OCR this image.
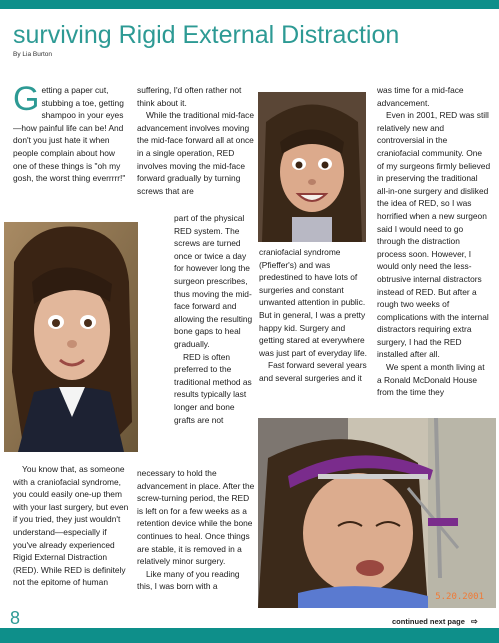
surviving Rigid External Distraction
By Lia Burton
G etting a paper cut, stubbing a toe, getting shampoo in your eyes—how painful life can be! And don't you just hate it when people complain about how one of these things is "oh my gosh, the worst thing everrrrr!"

You know that, as someone with a craniofacial syndrome, you could easily one-up them with your last surgery, but even if you tried, they just wouldn't understand—especially if you've already experienced Rigid External Distraction (RED). While RED is definitely not the epitome of human

suffering, I'd often rather not think about it.

While the traditional mid-face advancement involves moving the mid-face forward all at once in a single operation, RED involves moving the mid-face forward gradually by turning screws that are

part of the physical RED system. The screws are turned once or twice a day for however long the surgeon prescribes, thus moving the mid-face forward and allowing the resulting bone gaps to heal gradually.

RED is often preferred to the traditional method as results typically last longer and bone grafts are not

necessary to hold the advancement in place. After the screw-turning period, the RED is left on for a few weeks as a retention device while the bone continues to heal. Once things are stable, it is removed in a relatively minor surgery.

Like many of you reading this, I was born with a

craniofacial syndrome (Pfieffer's) and was predestined to have lots of surgeries and constant unwanted attention in public. But in general, I was a pretty happy kid. Surgery and getting stared at everywhere was just part of everyday life.

Fast forward several years and several surgeries and it

was time for a mid-face advancement.

Even in 2001, RED was still relatively new and controversial in the craniofacial community. One of my surgeons firmly believed in preserving the traditional all-in-one surgery and disliked the idea of RED, so I was horrified when a new surgeon said I would need to go through the distraction process soon. However, I would only need the less-obtrusive internal distractors instead of RED. But after a rough two weeks of complications with the internal distractors requiring extra surgery, I had the RED installed after all.

We spent a month living at a Ronald McDonald House from the time they

5.20.2001
8	continued next page ⇨
